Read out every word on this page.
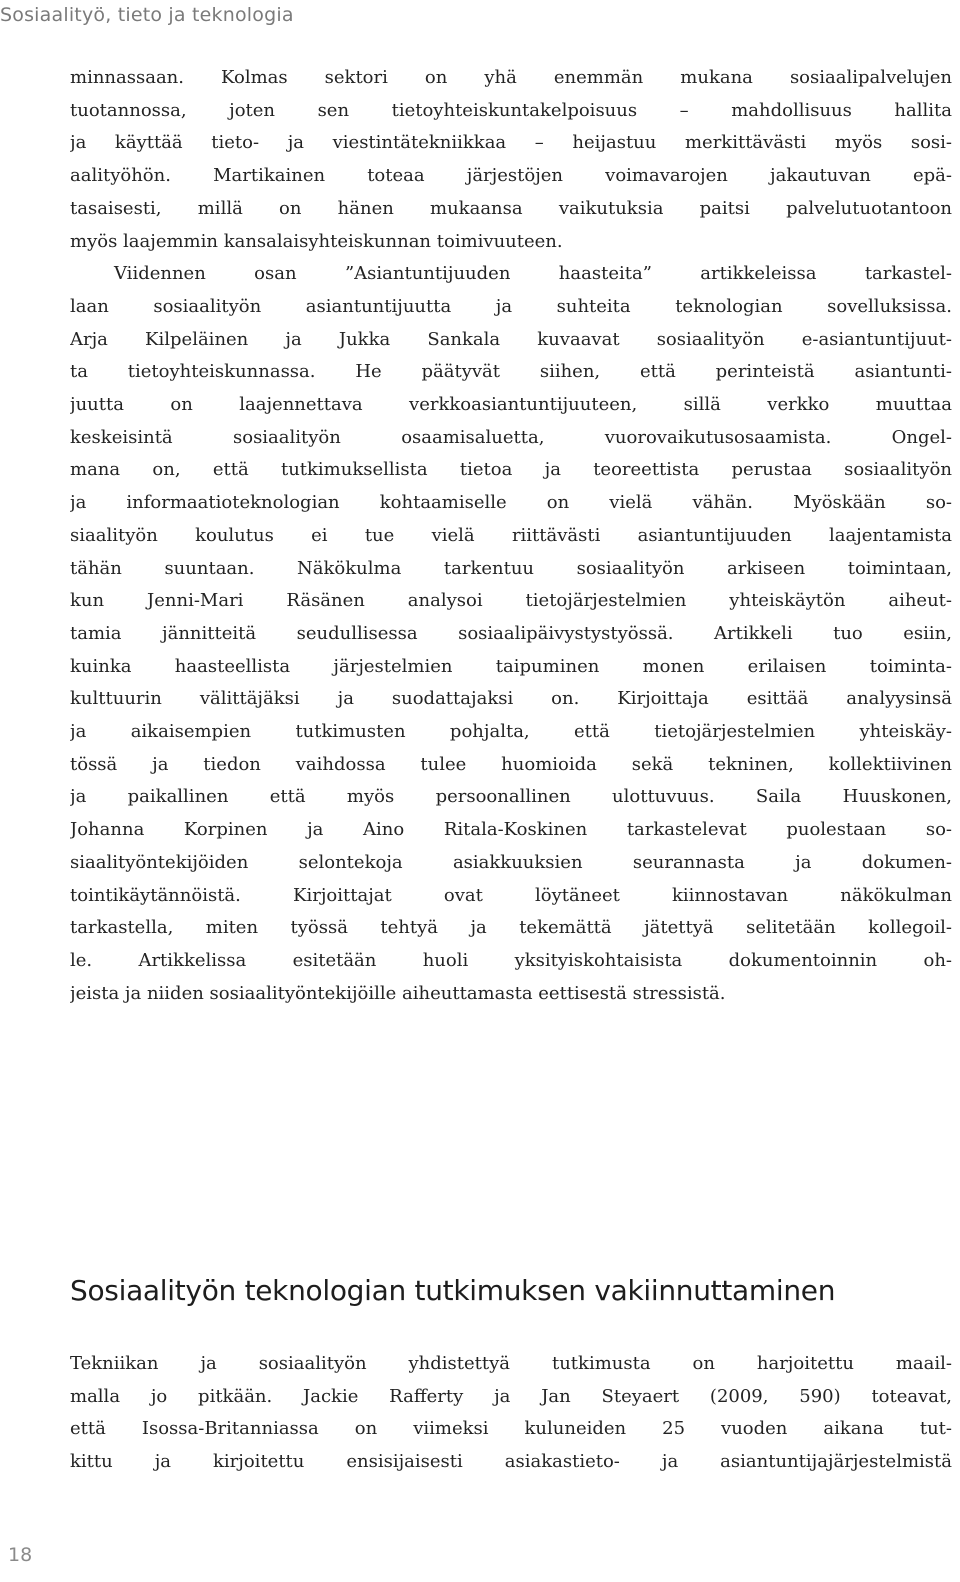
Sosiaalityö, tieto ja teknologia
minnassaan. Kolmas sektori on yhä enemmän mukana sosiaalipalvelujen
tuotannossa, joten sen tietoyhteiskuntakelpoisuus – mahdollisuus hallita
ja käyttää tieto- ja viestintätekniikkaa – heijastuu merkittävästi myös sosi-
aalityöhön. Martikainen toteaa järjestöjen voimavarojen jakautuvan epä-
tasaisesti, millä on hänen mukaansa vaikutuksia paitsi palvelutuotantoon
myös laajemmin kansalaisyhteiskunnan toimivuuteen.
Viidennen osan ”Asiantuntijuuden haasteita” artikkeleissa tarkastel-
laan sosiaalityön asiantuntijuutta ja suhteita teknologian sovelluksissa.
Arja Kilpeläinen ja Jukka Sankala kuvaavat sosiaalityön e-asiantuntijuut-
ta tietoyhteiskunnassa. He päätyvät siihen, että perinteistä asiantunti-
juutta on laajennettava verkkoasiantuntijuuteen, sillä verkko muuttaa
keskeisintä sosiaalityön osaamisaluetta, vuorovaikutusosaamista. Ongel-
mana on, että tutkimuksellista tietoa ja teoreettista perustaa sosiaalityön
ja informaatioteknologian kohtaamiselle on vielä vähän. Myöskään so-
siaalityön koulutus ei tue vielä riittävästi asiantuntijuuden laajentamista
tähän suuntaan. Näkökulma tarkentuu sosiaalityön arkiseen toimintaan,
kun Jenni-Mari Räsänen analysoi tietojärjestelmien yhteiskäytön aiheut-
tamia jännitteitä seudullisessa sosiaalipäivystystyössä. Artikkeli tuo esiin,
kuinka haasteellista järjestelmien taipuminen monen erilaisen toiminta-
kulttuurin välittäjäksi ja suodattajaksi on. Kirjoittaja esittää analyysinsä
ja aikaisempien tutkimusten pohjalta, että tietojärjestelmien yhteiskäy-
tössä ja tiedon vaihdossa tulee huomioida sekä tekninen, kollektiivinen
ja paikallinen että myös persoonallinen ulottuvuus. Saila Huuskonen,
Johanna Korpinen ja Aino Ritala-Koskinen tarkastelevat puolestaan so-
siaalityöntekijöiden selontekoja asiakkuuksien seurannasta ja dokumen-
tointikäytännöistä. Kirjoittajat ovat löytäneet kiinnostavan näkökulman
tarkastella, miten työssä tehtyä ja tekemättä jätettyä selitetään kollegoil-
le. Artikkelissa esitetään huoli yksityiskohtaisista dokumentoinnin oh-
jeista ja niiden sosiaalityöntekijöille aiheuttamasta eettisestä stressistä.
Sosiaalityön teknologian tutkimuksen vakiinnuttaminen
Tekniikan ja sosiaalityön yhdistettyä tutkimusta on harjoitettu maail-
malla jo pitkään. Jackie Rafferty ja Jan Steyaert (2009, 590) toteavat,
että Isossa-Britanniassa on viimeksi kuluneiden 25 vuoden aikana tut-
kittu ja kirjoitettu ensisijaisesti asiakastieto- ja asiantuntijajärjestelmistä
18
